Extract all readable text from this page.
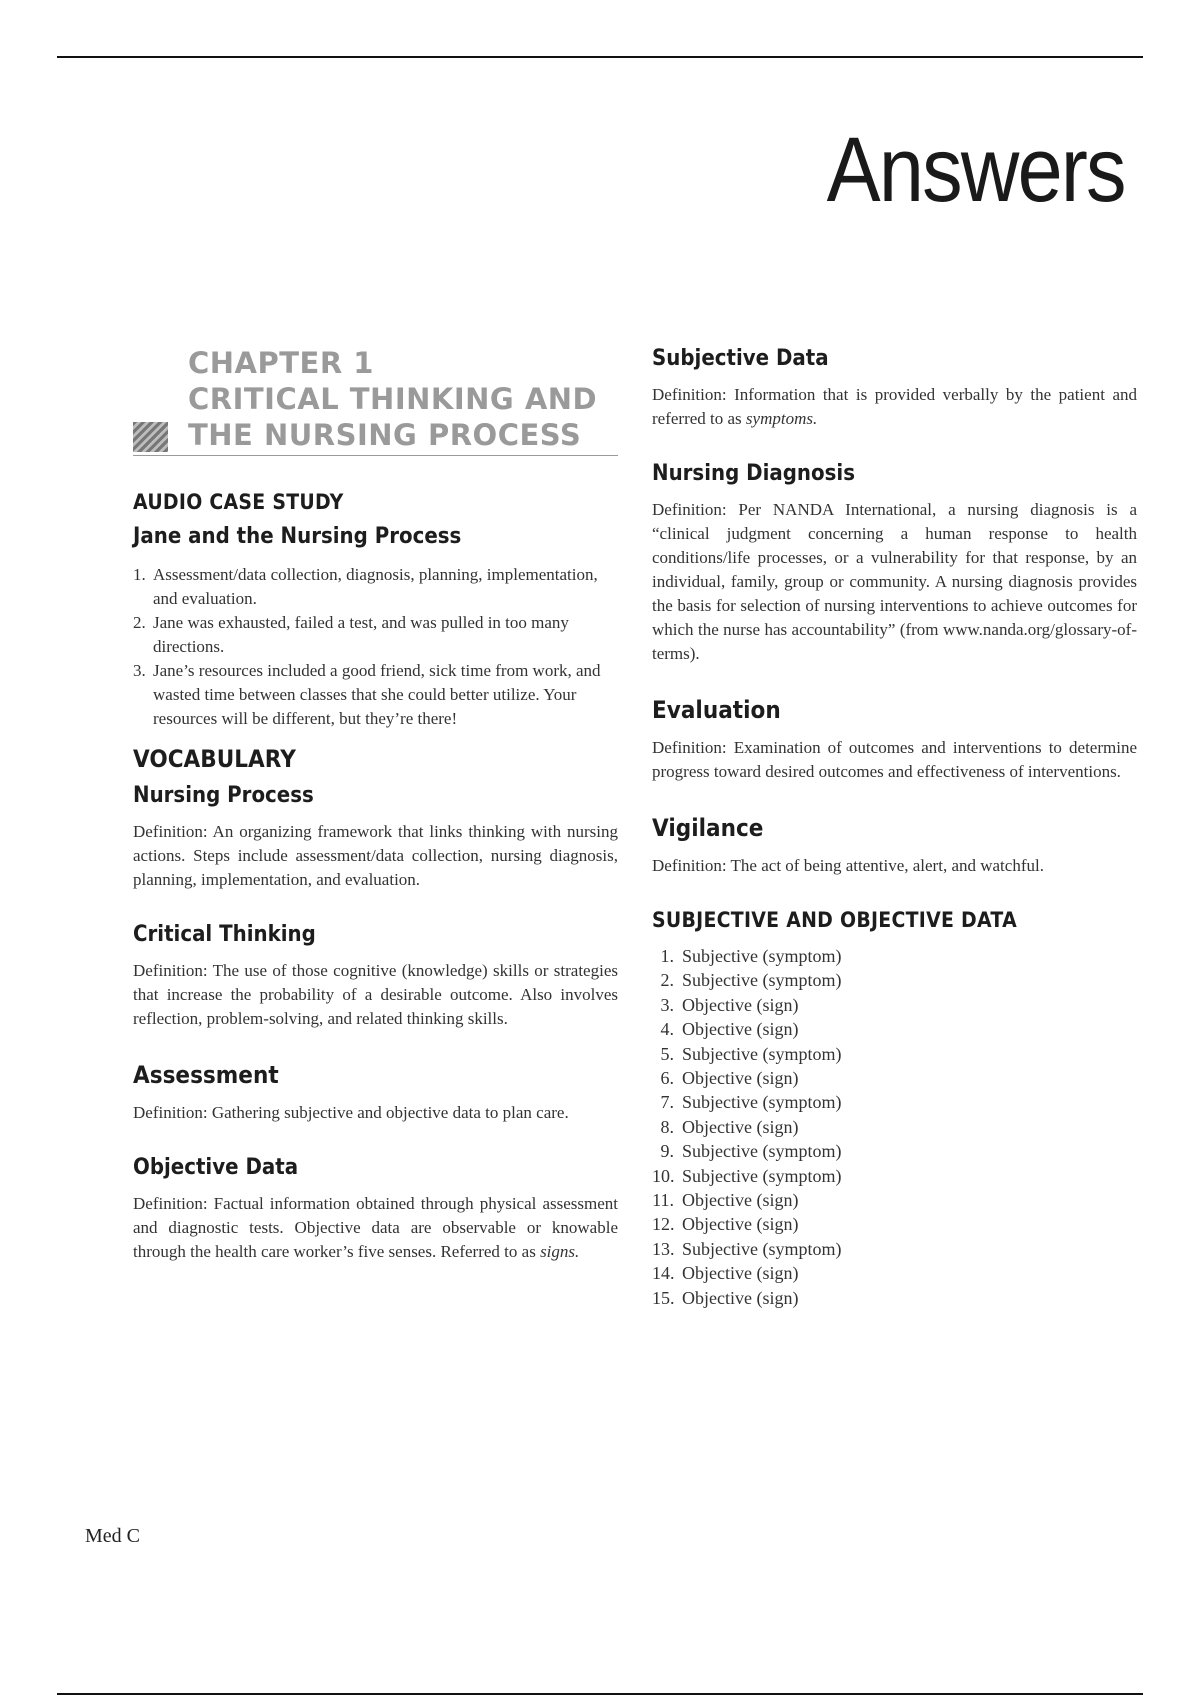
Answers
CHAPTER 1
CRITICAL THINKING AND
THE NURSING PROCESS
AUDIO CASE STUDY
Jane and the Nursing Process
1. Assessment/data collection, diagnosis, planning, implementation, and evaluation.
2. Jane was exhausted, failed a test, and was pulled in too many directions.
3. Jane’s resources included a good friend, sick time from work, and wasted time between classes that she could better utilize. Your resources will be different, but they’re there!
VOCABULARY
Nursing Process

Definition: An organizing framework that links thinking with nursing actions. Steps include assessment/data collection, nursing diagnosis, planning, implementation, and evaluation.

Critical Thinking

Definition: The use of those cognitive (knowledge) skills or strategies that increase the probability of a desirable outcome. Also involves reflection, problem-solving, and related thinking skills.

Assessment

Definition: Gathering subjective and objective data to plan care.

Objective Data

Definition: Factual information obtained through physical assessment and diagnostic tests. Objective data are observable or knowable through the health care worker’s five senses. Referred to as signs.

Subjective Data

Definition: Information that is provided verbally by the patient and referred to as symptoms.

Nursing Diagnosis

Definition: Per NANDA International, a nursing diagnosis is a “clinical judgment concerning a human response to health conditions/life processes, or a vulnerability for that response, by an individual, family, group or community. A nursing diagnosis provides the basis for selection of nursing interventions to achieve outcomes for which the nurse has accountability” (from www.nanda.org/glossary-of-terms).

Evaluation

Definition: Examination of outcomes and interventions to determine progress toward desired outcomes and effectiveness of interventions.

Vigilance

Definition: The act of being attentive, alert, and watchful.

SUBJECTIVE AND OBJECTIVE DATA
1. Subjective (symptom)
2. Subjective (symptom)
3. Objective (sign)
4. Objective (sign)
5. Subjective (symptom)
6. Objective (sign)
7. Subjective (symptom)
8. Objective (sign)
9. Subjective (symptom)
10. Subjective (symptom)
11. Objective (sign)
12. Objective (sign)
13. Subjective (symptom)
14. Objective (sign)
15. Objective (sign)
Med C
